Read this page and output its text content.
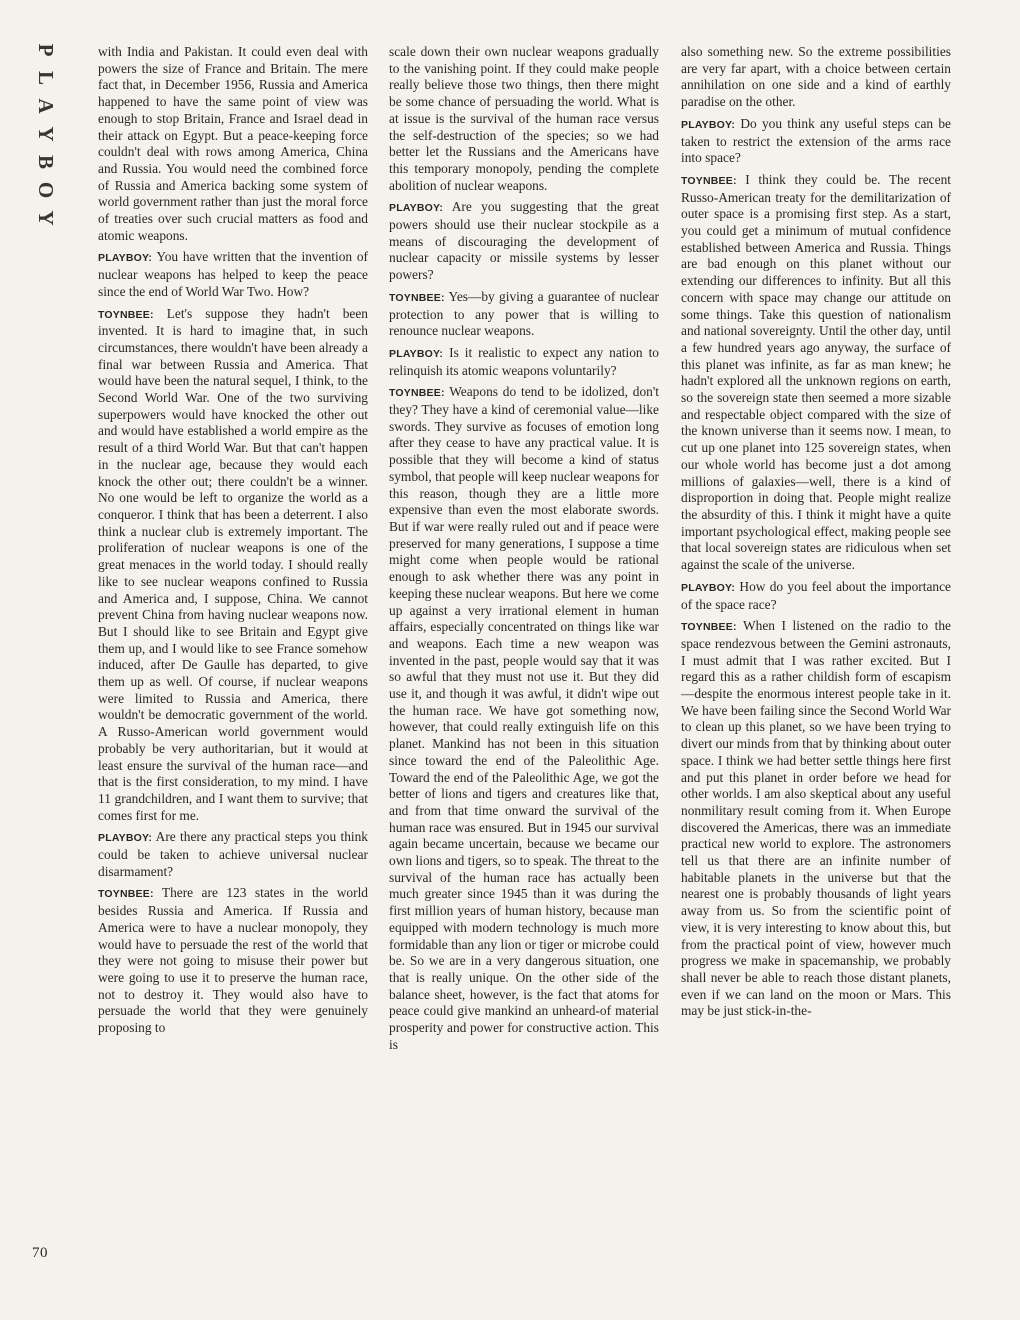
P
L
A
Y
B
O
Y

with India and Pakistan. It could even deal with powers the size of France and Britain. The mere fact that, in December 1956, Russia and America happened to have the same point of view was enough to stop Britain, France and Israel dead in their attack on Egypt. But a peace-keeping force couldn't deal with rows among America, China and Russia. You would need the combined force of Russia and America backing some system of world government rather than just the moral force of treaties over such crucial matters as food and atomic weapons.

PLAYBOY: You have written that the invention of nuclear weapons has helped to keep the peace since the end of World War Two. How?

TOYNBEE: Let's suppose they hadn't been invented. It is hard to imagine that, in such circumstances, there wouldn't have been already a final war between Russia and America. That would have been the natural sequel, I think, to the Second World War. One of the two surviving superpowers would have knocked the other out and would have established a world empire as the result of a third World War. But that can't happen in the nuclear age, because they would each knock the other out; there couldn't be a winner. No one would be left to organize the world as a conqueror. I think that has been a deterrent. I also think a nuclear club is extremely important. The proliferation of nuclear weapons is one of the great menaces in the world today. I should really like to see nuclear weapons confined to Russia and America and, I suppose, China. We cannot prevent China from having nuclear weapons now. But I should like to see Britain and Egypt give them up, and I would like to see France somehow induced, after De Gaulle has departed, to give them up as well. Of course, if nuclear weapons were limited to Russia and America, there wouldn't be democratic government of the world. A Russo-American world government would probably be very authoritarian, but it would at least ensure the survival of the human race—and that is the first consideration, to my mind. I have 11 grandchildren, and I want them to survive; that comes first for me.

PLAYBOY: Are there any practical steps you think could be taken to achieve universal nuclear disarmament?

TOYNBEE: There are 123 states in the world besides Russia and America. If Russia and America were to have a nuclear monopoly, they would have to persuade the rest of the world that they were not going to misuse their power but were going to use it to preserve the human race, not to destroy it. They would also have to persuade the world that they were genuinely proposing to

scale down their own nuclear weapons gradually to the vanishing point. If they could make people really believe those two things, then there might be some chance of persuading the world. What is at issue is the survival of the human race versus the self-destruction of the species; so we had better let the Russians and the Americans have this temporary monopoly, pending the complete abolition of nuclear weapons.

PLAYBOY: Are you suggesting that the great powers should use their nuclear stockpile as a means of discouraging the development of nuclear capacity or missile systems by lesser powers?

TOYNBEE: Yes—by giving a guarantee of nuclear protection to any power that is willing to renounce nuclear weapons.

PLAYBOY: Is it realistic to expect any nation to relinquish its atomic weapons voluntarily?

TOYNBEE: Weapons do tend to be idolized, don't they? They have a kind of ceremonial value—like swords. They survive as focuses of emotion long after they cease to have any practical value. It is possible that they will become a kind of status symbol, that people will keep nuclear weapons for this reason, though they are a little more expensive than even the most elaborate swords. But if war were really ruled out and if peace were preserved for many generations, I suppose a time might come when people would be rational enough to ask whether there was any point in keeping these nuclear weapons. But here we come up against a very irrational element in human affairs, especially concentrated on things like war and weapons. Each time a new weapon was invented in the past, people would say that it was so awful that they must not use it. But they did use it, and though it was awful, it didn't wipe out the human race. We have got something now, however, that could really extinguish life on this planet. Mankind has not been in this situation since toward the end of the Paleolithic Age. Toward the end of the Paleolithic Age, we got the better of lions and tigers and creatures like that, and from that time onward the survival of the human race was ensured. But in 1945 our survival again became uncertain, because we became our own lions and tigers, so to speak. The threat to the survival of the human race has actually been much greater since 1945 than it was during the first million years of human history, because man equipped with modern technology is much more formidable than any lion or tiger or microbe could be. So we are in a very dangerous situation, one that is really unique. On the other side of the balance sheet, however, is the fact that atoms for peace could give mankind an unheard-of material prosperity and power for constructive action. This is

also something new. So the extreme possibilities are very far apart, with a choice between certain annihilation on one side and a kind of earthly paradise on the other.

PLAYBOY: Do you think any useful steps can be taken to restrict the extension of the arms race into space?

TOYNBEE: I think they could be. The recent Russo-American treaty for the demilitarization of outer space is a promising first step. As a start, you could get a minimum of mutual confidence established between America and Russia. Things are bad enough on this planet without our extending our differences to infinity. But all this concern with space may change our attitude on some things. Take this question of nationalism and national sovereignty. Until the other day, until a few hundred years ago anyway, the surface of this planet was infinite, as far as man knew; he hadn't explored all the unknown regions on earth, so the sovereign state then seemed a more sizable and respectable object compared with the size of the known universe than it seems now. I mean, to cut up one planet into 125 sovereign states, when our whole world has become just a dot among millions of galaxies—well, there is a kind of disproportion in doing that. People might realize the absurdity of this. I think it might have a quite important psychological effect, making people see that local sovereign states are ridiculous when set against the scale of the universe.

PLAYBOY: How do you feel about the importance of the space race?

TOYNBEE: When I listened on the radio to the space rendezvous between the Gemini astronauts, I must admit that I was rather excited. But I regard this as a rather childish form of escapism—despite the enormous interest people take in it. We have been failing since the Second World War to clean up this planet, so we have been trying to divert our minds from that by thinking about outer space. I think we had better settle things here first and put this planet in order before we head for other worlds. I am also skeptical about any useful nonmilitary result coming from it. When Europe discovered the Americas, there was an immediate practical new world to explore. The astronomers tell us that there are an infinite number of habitable planets in the universe but that the nearest one is probably thousands of light years away from us. So from the scientific point of view, it is very interesting to know about this, but from the practical point of view, however much progress we make in spacemanship, we probably shall never be able to reach those distant planets, even if we can land on the moon or Mars. This may be just stick-in-the-

70
